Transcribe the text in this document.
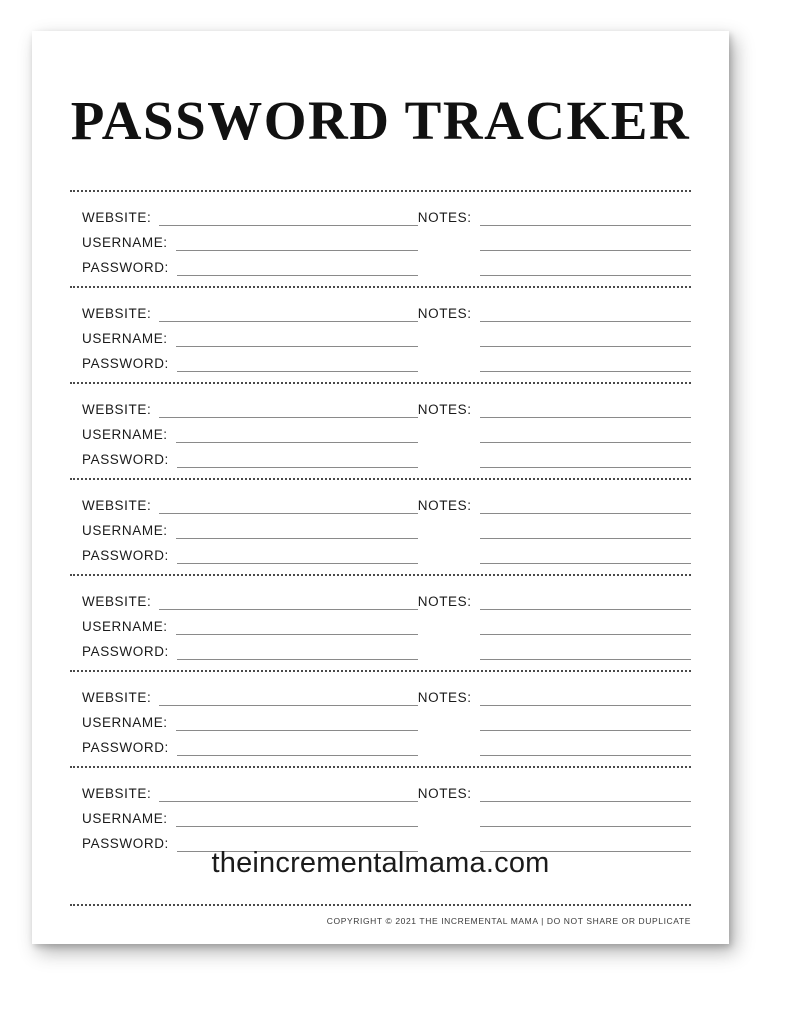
PASSWORD TRACKER
WEBSITE:
USERNAME:
PASSWORD:
NOTES:
WEBSITE:
USERNAME:
PASSWORD:
NOTES:
WEBSITE:
USERNAME:
PASSWORD:
NOTES:
WEBSITE:
USERNAME:
PASSWORD:
NOTES:
WEBSITE:
USERNAME:
PASSWORD:
NOTES:
WEBSITE:
USERNAME:
PASSWORD:
NOTES:
WEBSITE:
USERNAME:
PASSWORD:
NOTES:
theincrementalmama.com
COPYRIGHT © 2021 THE INCREMENTAL MAMA | DO NOT SHARE OR DUPLICATE
